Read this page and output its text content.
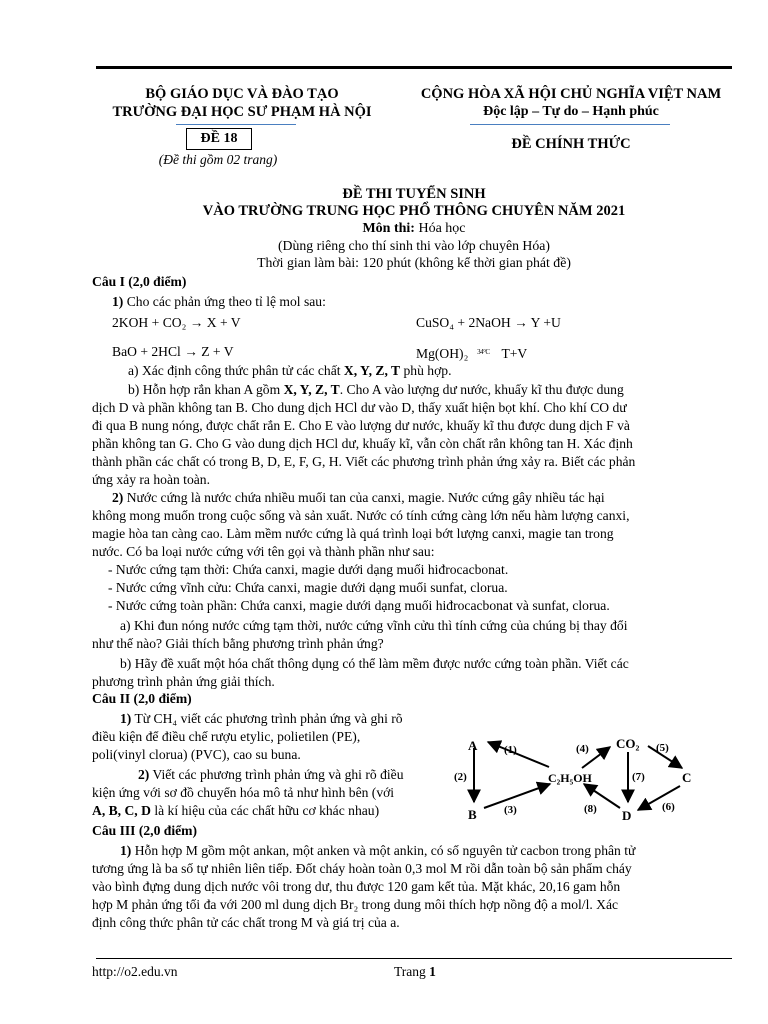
BỘ GIÁO DỤC VÀ ĐÀO TẠO
TRƯỜNG ĐẠI HỌC SƯ PHẠM HÀ NỘI
ĐỀ 18
(Đề thi gồm 02 trang)
CỘNG HÒA XÃ HỘI CHỦ NGHĨA VIỆT NAM
Độc lập – Tự do – Hạnh phúc
ĐỀ CHÍNH THỨC
ĐỀ THI TUYỂN SINH
VÀO TRƯỜNG TRUNG HỌC PHỔ THÔNG CHUYÊN NĂM 2021
Môn thi: Hóa học
(Dùng riêng cho thí sinh thi vào lớp chuyên Hóa)
Thời gian làm bài: 120 phút (không kể thời gian phát đề)
Câu I (2,0 điểm)
1) Cho các phản ứng theo tỉ lệ mol sau:
2KOH + CO₂ → X + V	CuSO₄ + 2NaOH → Y +U
BaO + 2HCl → Z + V	Mg(OH)₂ 34°C T+V
a) Xác định công thức phân tử các chất X, Y, Z, T phù hợp.
b) Hỗn hợp rắn khan A gồm X, Y, Z, T. Cho A vào lượng dư nước, khuấy kĩ thu được dung
dịch D và phần không tan B. Cho dung dịch HCl dư vào D, thấy xuất hiện bọt khí. Cho khí CO dư
đi qua B nung nóng, được chất rắn E. Cho E vào lượng dư nước, khuấy kĩ thu được dung dịch F và
phần không tan G. Cho G vào dung dịch HCl dư, khuấy kĩ, vẫn còn chất rắn không tan H. Xác định
thành phần các chất có trong B, D, E, F, G, H. Viết các phương trình phản ứng xảy ra. Biết các phản
ứng xảy ra hoàn toàn.
2) Nước cứng là nước chứa nhiều muối tan của canxi, magie. Nước cứng gây nhiều tác hại
không mong muốn trong cuộc sống và sản xuất. Nước có tính cứng càng lớn nếu hàm lượng canxi,
magie hòa tan càng cao. Làm mềm nước cứng là quá trình loại bớt lượng canxi, magie tan trong
nước. Có ba loại nước cứng với tên gọi và thành phần như sau:
- Nước cứng tạm thời: Chứa canxi, magie dưới dạng muối hiđrocacbonat.
- Nước cứng vĩnh cửu: Chứa canxi, magie dưới dạng muối sunfat, clorua.
- Nước cứng toàn phần: Chứa canxi, magie dưới dạng muối hiđrocacbonat và sunfat, clorua.
a) Khi đun nóng nước cứng tạm thời, nước cứng vĩnh cửu thì tính cứng của chúng bị thay đổi
như thế nào? Giải thích bằng phương trình phản ứng?
b) Hãy đề xuất một hóa chất thông dụng có thể làm mềm được nước cứng toàn phần. Viết các
phương trình phản ứng giải thích.
Câu II (2,0 điểm)
1) Từ CH₄ viết các phương trình phản ứng và ghi rõ
điều kiện để điều chế rượu etylic, polietilen (PE),
poli(vinyl clorua) (PVC), cao su buna.
2) Viết các phương trình phản ứng và ghi rõ điều
kiện ứng với sơ đồ chuyển hóa mô tả như hình bên (với
A, B, C, D là kí hiệu của các chất hữu cơ khác nhau)
A
B
C₂H₅OH
CO₂
C
D
(1)
(2)
(3)
(4)	(5)
(6)
(7)
(8)
Câu III (2,0 điểm)
1) Hỗn hợp M gồm một ankan, một anken và một ankin, có số nguyên tử cacbon trong phân tử
tương ứng là ba số tự nhiên liên tiếp. Đốt cháy hoàn toàn 0,3 mol M rồi dẫn toàn bộ sản phẩm cháy
vào bình đựng dung dịch nước vôi trong dư, thu được 120 gam kết tủa. Mặt khác, 20,16 gam hỗn
hợp M phản ứng tối đa với 200 ml dung dịch Br₂ trong dung môi thích hợp nồng độ a mol/l. Xác
định công thức phân tử các chất trong M và giá trị của a.
http://o2.edu.vn	Trang 1
